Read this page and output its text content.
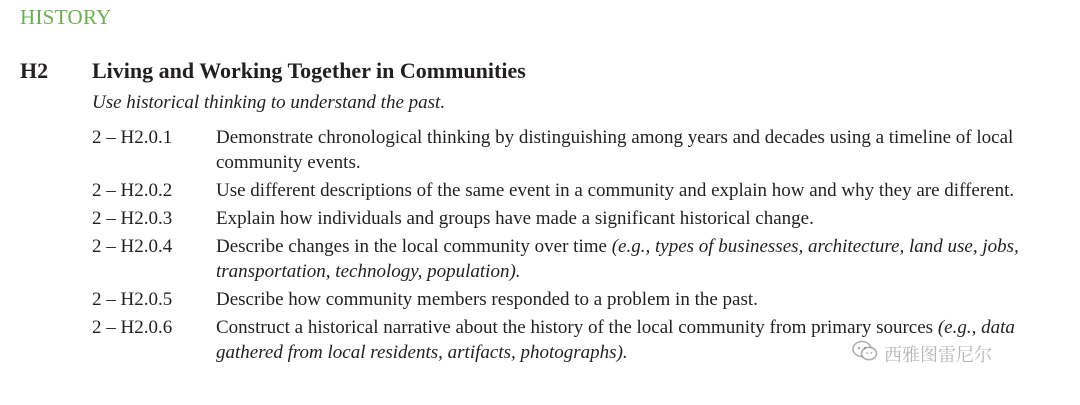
HISTORY
H2 Living and Working Together in Communities
Use historical thinking to understand the past.
2 – H2.0.1	Demonstrate chronological thinking by distinguishing among years and decades using a timeline of local community events.
2 – H2.0.2	Use different descriptions of the same event in a community and explain how and why they are different.
2 – H2.0.3	Explain how individuals and groups have made a significant historical change.
2 – H2.0.4	Describe changes in the local community over time (e.g., types of businesses, architecture, land use, jobs, transportation, technology, population).
2 – H2.0.5	Describe how community members responded to a problem in the past.
2 – H2.0.6	Construct a historical narrative about the history of the local community from primary sources (e.g., data gathered from local residents, artifacts, photographs).	西雅图雷尼尔
